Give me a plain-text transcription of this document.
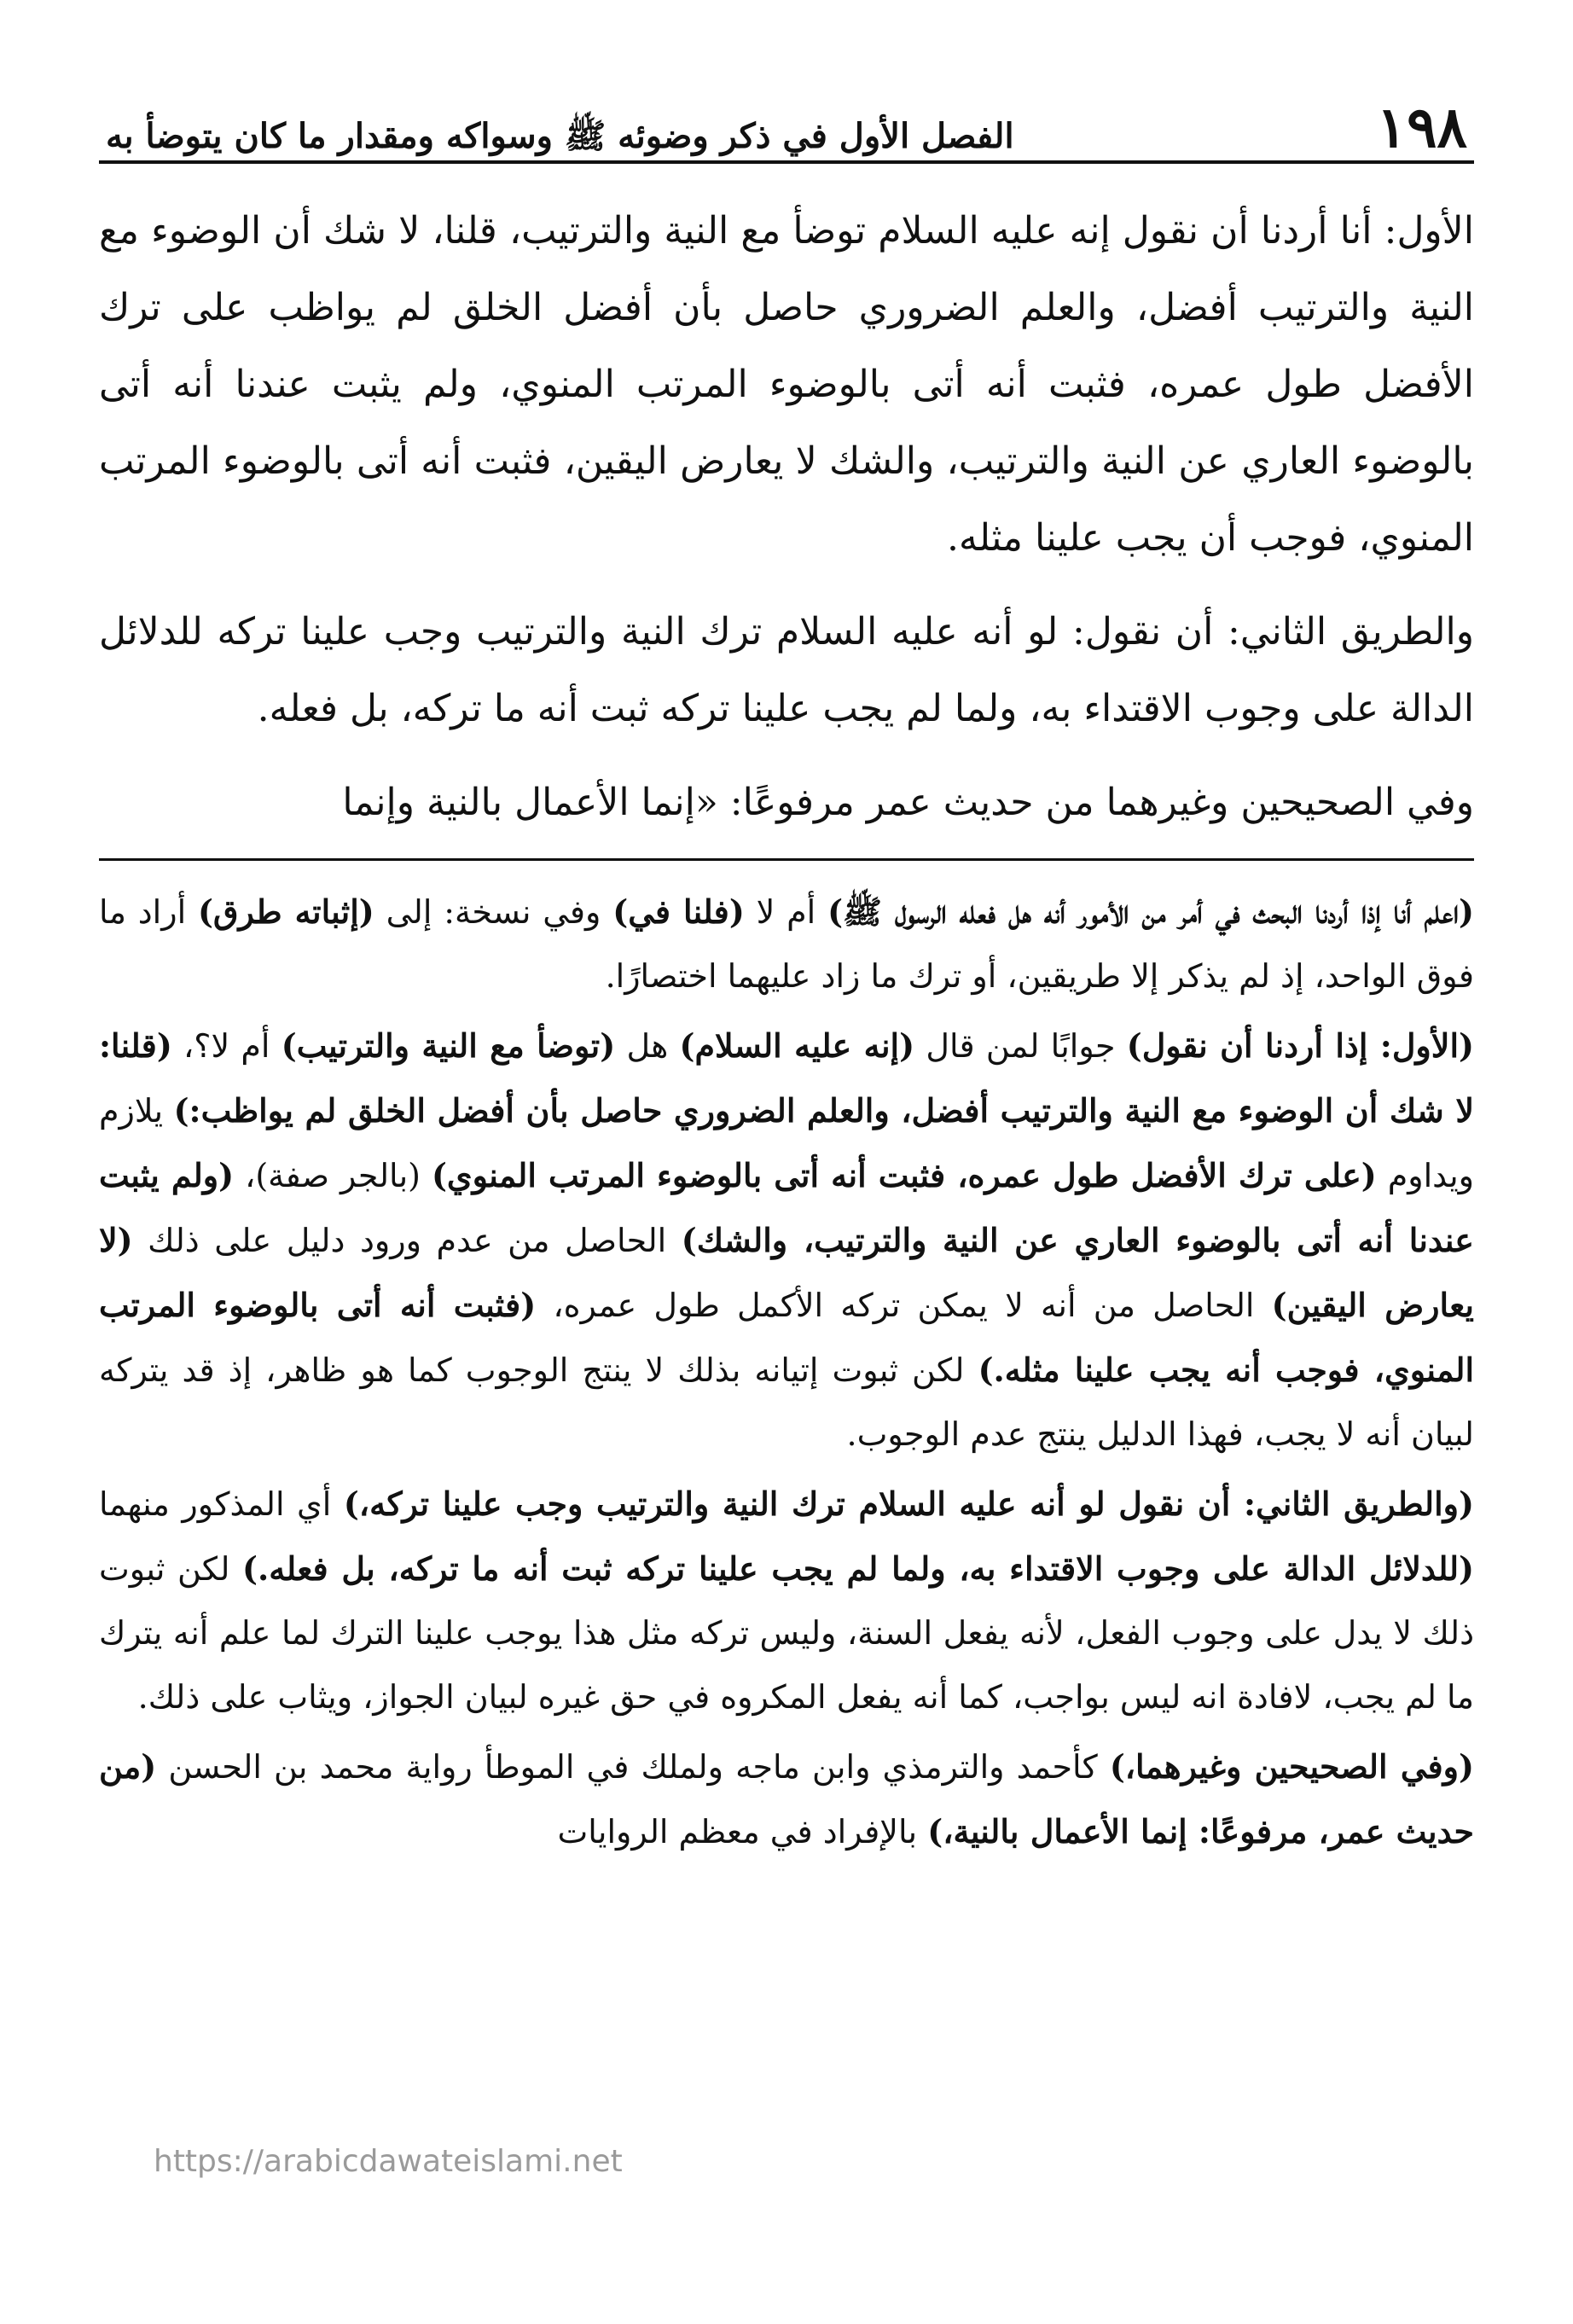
١٩٨
الفصل الأول في ذكر وضوئه ﷺ وسواكه ومقدار ما كان يتوضأ به

الأول: أنا أردنا أن نقول إنه عليه السلام توضأ مع النية والترتيب، قلنا، لا شك أن الوضوء مع النية والترتيب أفضل، والعلم الضروري حاصل بأن أفضل الخلق لم يواظب على ترك الأفضل طول عمره، فثبت أنه أتى بالوضوء المرتب المنوي، ولم يثبت عندنا أنه أتى بالوضوء العاري عن النية والترتيب، والشك لا يعارض اليقين، فثبت أنه أتى بالوضوء المرتب المنوي، فوجب أن يجب علينا مثله.

والطريق الثاني: أن نقول: لو أنه عليه السلام ترك النية والترتيب وجب علينا تركه للدلائل الدالة على وجوب الاقتداء به، ولما لم يجب علينا تركه ثبت أنه ما تركه، بل فعله.

وفي الصحيحين وغيرهما من حديث عمر مرفوعًا: «إنما الأعمال بالنية وإنما

(اعلم أنا إذا أردنا البحث في أمر من الأمور أنه هل فعله الرسول ﷺ) أم لا (فلنا في) وفي نسخة: إلى (إثباته طرق) أراد ما فوق الواحد، إذ لم يذكر إلا طريقين، أو ترك ما زاد عليهما اختصارًا.

(الأول: إذا أردنا أن نقول) جوابًا لمن قال (إنه عليه السلام) هل (توضأ مع النية والترتيب) أم لا؟، (قلنا: لا شك أن الوضوء مع النية والترتيب أفضل، والعلم الضروري حاصل بأن أفضل الخلق لم يواظب:) يلازم ويداوم (على ترك الأفضل طول عمره، فثبت أنه أتى بالوضوء المرتب المنوي) (بالجر صفة)، (ولم يثبت عندنا أنه أتى بالوضوء العاري عن النية والترتيب، والشك) الحاصل من عدم ورود دليل على ذلك (لا يعارض اليقين) الحاصل من أنه لا يمكن تركه الأكمل طول عمره، (فثبت أنه أتى بالوضوء المرتب المنوي، فوجب أنه يجب علينا مثله.) لكن ثبوت إتيانه بذلك لا ينتج الوجوب كما هو ظاهر، إذ قد يتركه لبيان أنه لا يجب، فهذا الدليل ينتج عدم الوجوب.

(والطريق الثاني: أن نقول لو أنه عليه السلام ترك النية والترتيب وجب علينا تركه،) أي المذكور منهما (للدلائل الدالة على وجوب الاقتداء به، ولما لم يجب علينا تركه ثبت أنه ما تركه، بل فعله.) لكن ثبوت ذلك لا يدل على وجوب الفعل، لأنه يفعل السنة، وليس تركه مثل هذا يوجب علينا الترك لما علم أنه يترك ما لم يجب، لافادة انه ليس بواجب، كما أنه يفعل المكروه في حق غيره لبيان الجواز، ويثاب على ذلك.

(وفي الصحيحين وغيرهما،) كأحمد والترمذي وابن ماجه ولملك في الموطأ رواية محمد بن الحسن (من حديث عمر، مرفوعًا: إنما الأعمال بالنية،) بالإفراد في معظم الروايات

https://arabicdawateislami.net
